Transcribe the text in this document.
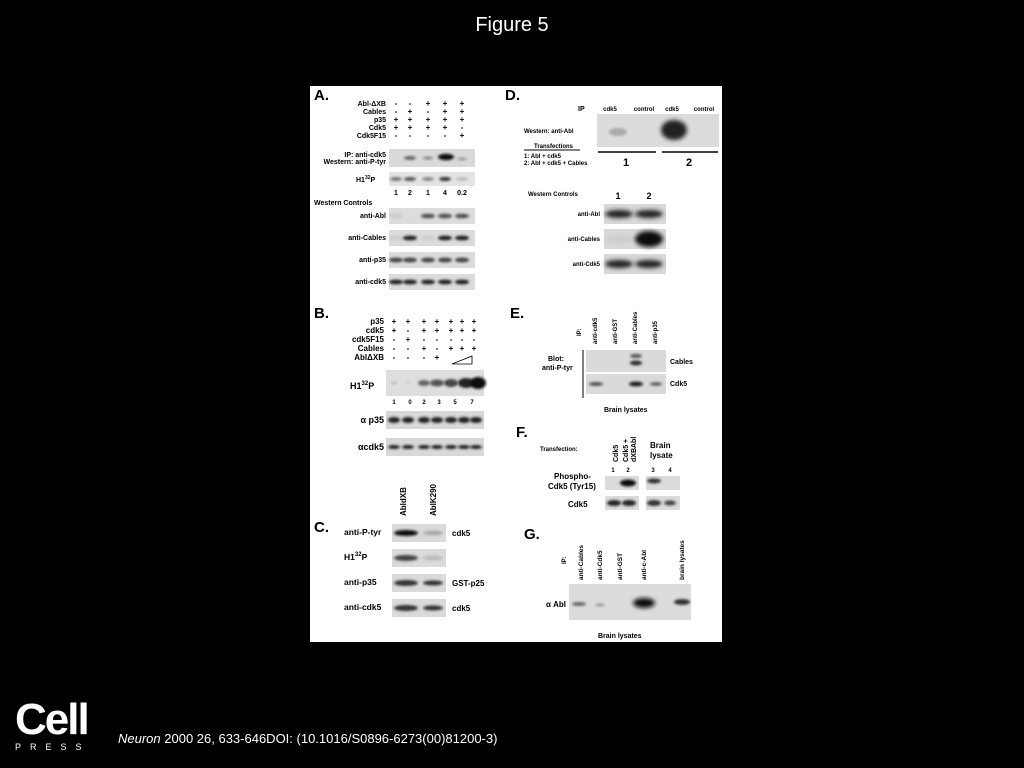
Figure 5
A.
Abl-ΔXB - - + + +
Cables - + - + +
p35 + + + + +
Cdk5 + + + + -
Cdk5F15 - - - - +
IP: anti-cdk5
Western: anti-P-tyr
$H1^{32}P$
1 2 1 4 0.2
Western Controls
anti-Abl
anti-Cables
anti-p35
anti-cdk5
D.
IP	cdk5	control cdk5 control
Western: anti-Abl
Transfections
1: Abl + cdk5
2: Abl + cdk5 + Cables	1	2
Western Controls	1	2
anti-Abl
anti-Cables
anti-Cdk5
B.	p35 + + + + + + +
cdk5 + - + + + + +
cdk5F15 - + - - - - -
Cables - - + - + + +
AblΔXB - - - +
$H1^{32}P$
1 0 2 3 5 7
α p35
αcdk5
E.
IP: anti-cdk5 anti-GST anti-Cables anti-p35
Blot:
anti-P-tyr
Cables
Cdk5
Brain lysates
F.
Transfection:	Cdk5 Cdk5 + dXBAbl Brain
lysate
1 2	3 4
Phospho-
Cdk5 (Tyr15)
Cdk5
C.
AbldXB	AblK290
anti-P-tyr	cdk5
$H1^{32}P$
anti-p35	GST-p25
anti-cdk5	cdk5
G.
IP: anti-Cables anti-Cdk5 anti-GST	anti-c-Abl	brain lysates
α Abl
Brain lysates
Cell
PRESS
Neuron 2000 26, 633-646DOI: (10.1016/S0896-6273(00)81200-3)
